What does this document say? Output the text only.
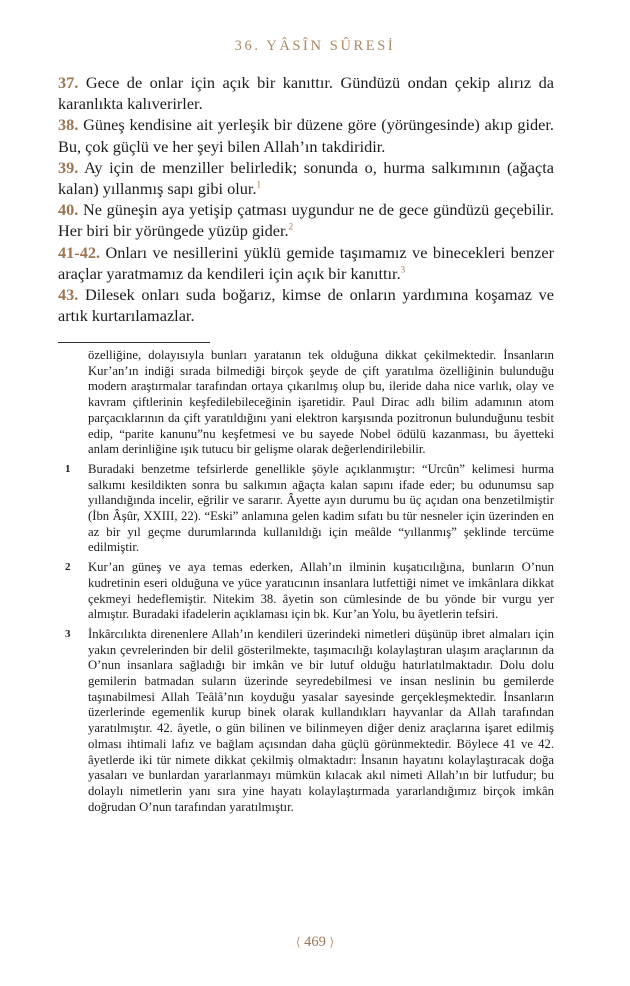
36. YÂSÎN SÛRESİ
37. Gece de onlar için açık bir kanıttır. Gündüzü ondan çekip alırız da karanlıkta kalıverirler.
38. Güneş kendisine ait yerleşik bir düzene göre (yörüngesinde) akıp gider. Bu, çok güçlü ve her şeyi bilen Allah’ın takdiridir.
39. Ay için de menziller belirledik; sonunda o, hurma salkımının (ağaçta kalan) yıllanmış sapı gibi olur.$^1$
40. Ne güneşin aya yetişip çatması uygundur ne de gece gündüzü geçebilir. Her biri bir yörüngede yüzüp gider.$^2$
41-42. Onları ve nesillerini yüklü gemide taşımamız ve binecekleri benzer araçlar yaratmamız da kendileri için açık bir kanıttır.$^3$
43. Dilesek onları suda boğarız, kimse de onların yardımına koşamaz ve artık kurtarılamazlar.

özelliğine, dolayısıyla bunları yaratanın tek olduğuna dikkat çekilmektedir. İnsanların Kur’an’ın indiği sırada bilmediği birçok şeyde de çift yaratılma özelliğinin bulunduğu modern araştırmalar tarafından ortaya çıkarılmış olup bu, ileride daha nice varlık, olay ve kavram çiftlerinin keşfedilebileceğinin işaretidir. Paul Dirac adlı bilim adamının atom parçacıklarının da çift yaratıldığını yani elektron karşısında pozitronun bulunduğunu tesbit edip, “parite kanunu”nu keşfetmesi ve bu sayede Nobel ödülü kazanması, bu âyetteki anlam derinliğine ışık tutucu bir gelişme olarak değerlendirilebilir.

1 Buradaki benzetme tefsirlerde genellikle şöyle açıklanmıştır: “Urcûn” kelimesi hurma salkımı kesildikten sonra bu salkımın ağaçta kalan sapını ifade eder; bu odunumsu sap yıllandığında incelir, eğrilir ve sararır. Âyette ayın durumu bu üç açıdan ona benzetilmiştir (İbn Âşûr, XXIII, 22). “Eski” anlamına gelen kadim sıfatı bu tür nesneler için üzerinden en az bir yıl geçme durumlarında kullanıldığı için meâlde “yıllanmış” şeklinde tercüme edilmiştir.

2 Kur’an güneş ve aya temas ederken, Allah’ın ilminin kuşatıcılığına, bunların O’nun kudretinin eseri olduğuna ve yüce yaratıcının insanlara lutfettiği nimet ve imkânlara dikkat çekmeyi hedeflemiştir. Nitekim 38. âyetin son cümlesinde de bu yönde bir vurgu yer almıştır. Buradaki ifadelerin açıklaması için bk. Kur’an Yolu, bu âyetlerin tefsiri.

3 İnkârcılıkta direnenlere Allah’ın kendileri üzerindeki nimetleri düşünüp ibret almaları için yakın çevrelerinden bir delil gösterilmekte, taşımacılığı kolaylaştıran ulaşım araçlarının da O’nun insanlara sağladığı bir imkân ve bir lutuf olduğu hatırlatılmaktadır. Dolu dolu gemilerin batmadan suların üzerinde seyredebilmesi ve insan neslinin bu gemilerde taşınabilmesi Allah Teâlâ’nın koyduğu yasalar sayesinde gerçekleşmektedir. İnsanların üzerlerinde egemenlik kurup binek olarak kullandıkları hayvanlar da Allah tarafından yaratılmıştır. 42. âyetle, o gün bilinen ve bilinmeyen diğer deniz araçlarına işaret edilmiş olması ihtimali lafız ve bağlam açısından daha güçlü görünmektedir. Böylece 41 ve 42. âyetlerde iki tür nimete dikkat çekilmiş olmaktadır: İnsanın hayatını kolaylaştıracak doğa yasaları ve bunlardan yararlanmayı mümkün kılacak akıl nimeti Allah’ın bir lutfudur; bu dolaylı nimetlerin yanı sıra yine hayatı kolaylaştırmada yararlandığımız birçok imkân doğrudan O’nun tarafından yaratılmıştır.

⟨ 469 ⟩
